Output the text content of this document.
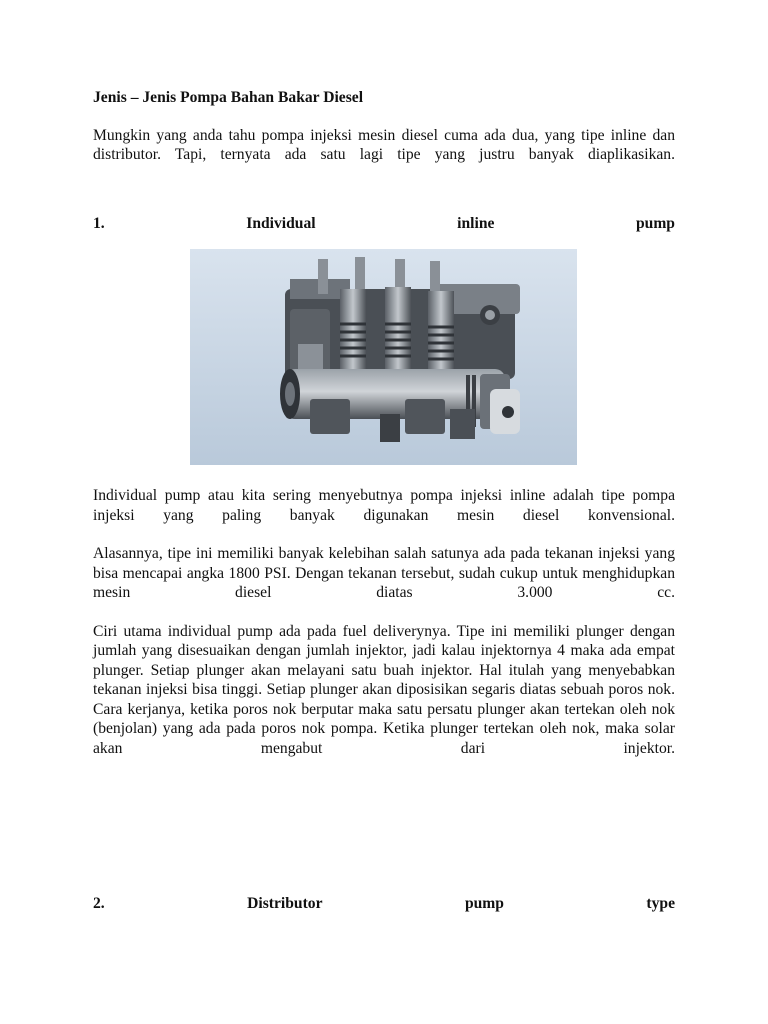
Jenis – Jenis Pompa Bahan Bakar Diesel

Mungkin yang anda tahu pompa injeksi mesin diesel cuma ada dua, yang tipe inline dan distributor. Tapi, ternyata ada satu lagi tipe yang justru banyak diaplikasikan.

1.	Individual	inline	pump

Individual pump atau kita sering menyebutnya pompa injeksi inline adalah tipe pompa injeksi yang paling banyak digunakan mesin diesel konvensional.

Alasannya, tipe ini memiliki banyak kelebihan salah satunya ada pada tekanan injeksi yang bisa mencapai angka 1800 PSI. Dengan tekanan tersebut, sudah cukup untuk menghidupkan mesin diesel diatas 3.000 cc.

Ciri utama individual pump ada pada fuel deliverynya. Tipe ini memiliki plunger dengan jumlah yang disesuaikan dengan jumlah injektor, jadi kalau injektornya 4 maka ada empat plunger. Setiap plunger akan melayani satu buah injektor. Hal itulah yang menyebabkan tekanan injeksi bisa tinggi. Setiap plunger akan diposisikan segaris diatas sebuah poros nok. Cara kerjanya, ketika poros nok berputar maka satu persatu plunger akan tertekan oleh nok (benjolan) yang ada pada poros nok pompa. Ketika plunger tertekan oleh nok, maka solar akan mengabut dari injektor.

2.	Distributor	pump	type
